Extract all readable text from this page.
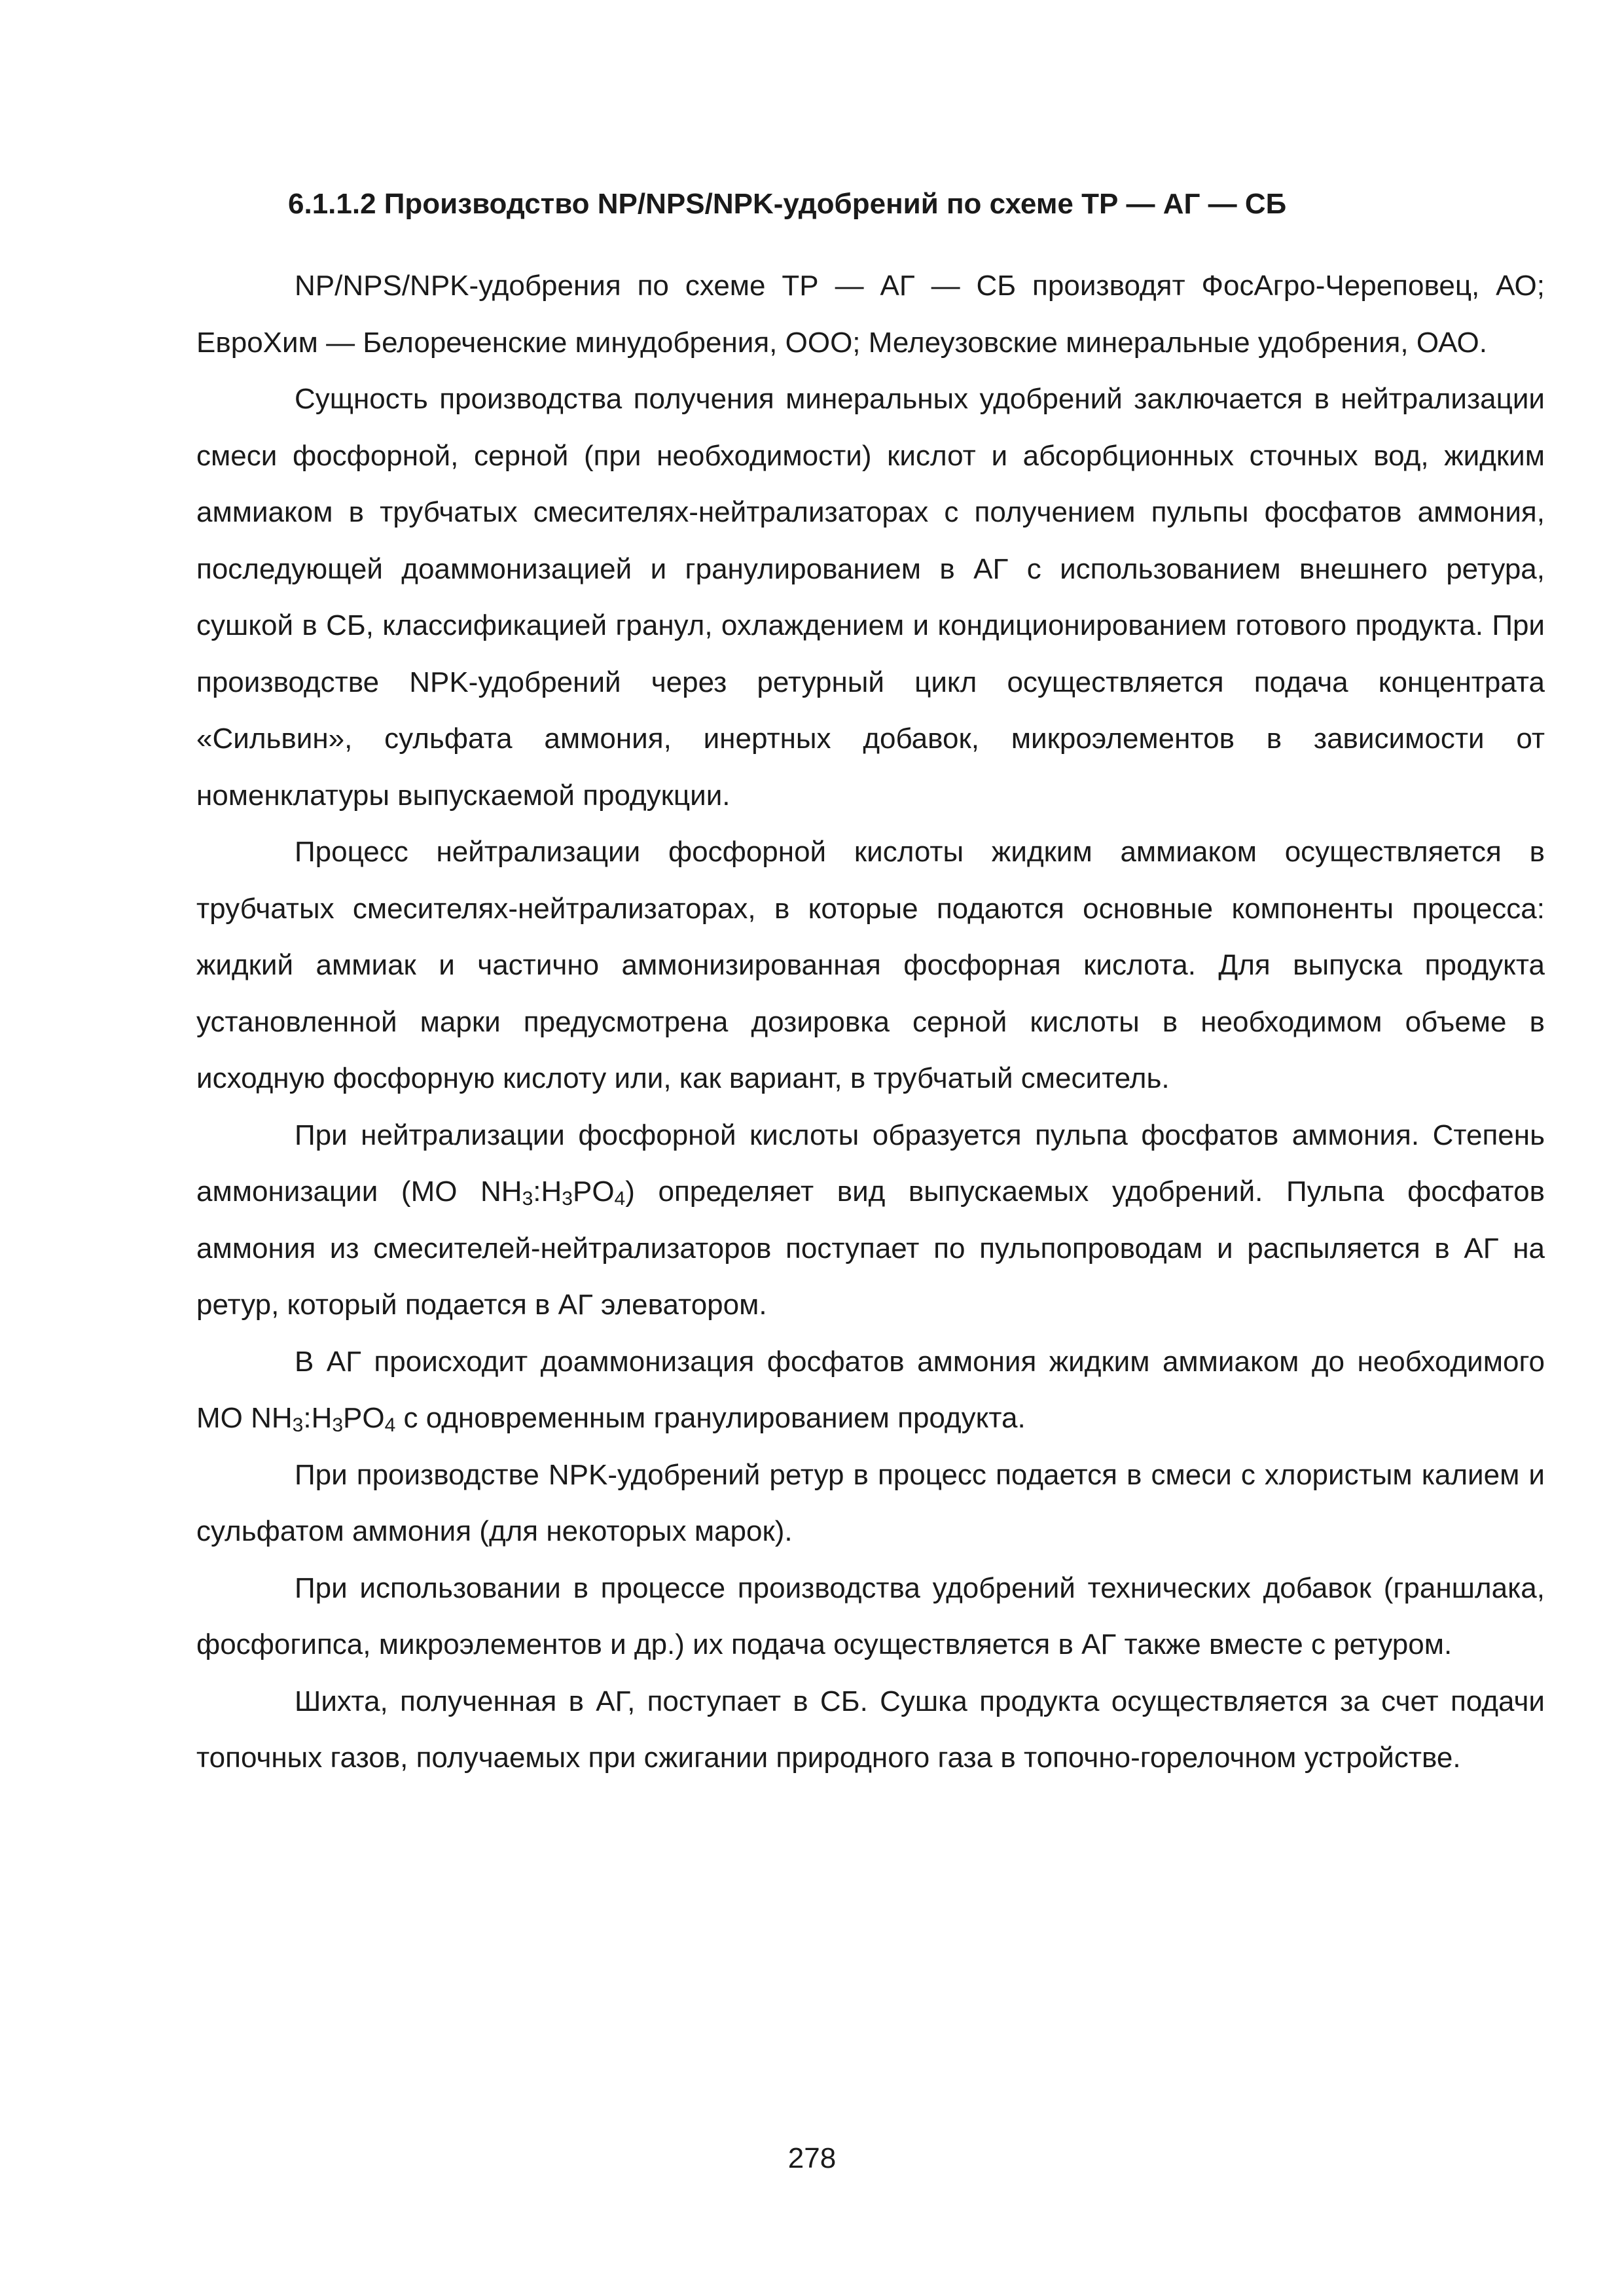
6.1.1.2 Производство NP/NPS/NPK-удобрений по схеме ТР — АГ — СБ

NP/NPS/NPK-удобрения по схеме ТР — АГ — СБ производят ФосАгро-Череповец, АО; ЕвроХим — Белореченские минудобрения, ООО; Мелеузовские минеральные удобрения, ОАО.

Сущность производства получения минеральных удобрений заключается в нейтрализации смеси фосфорной, серной (при необходимости) кислот и абсорбционных сточных вод, жидким аммиаком в трубчатых смесителях-нейтрализаторах с получением пульпы фосфатов аммония, последующей доаммонизацией и гранулированием в АГ с использованием внешнего ретура, сушкой в СБ, классификацией гранул, охлаждением и кондиционированием готового продукта. При производстве NPK-удобрений через ретурный цикл осуществляется подача концентрата «Сильвин», сульфата аммония, инертных добавок, микроэлементов в зависимости от номенклатуры выпускаемой продукции.

Процесс нейтрализации фосфорной кислоты жидким аммиаком осуществляется в трубчатых смесителях-нейтрализаторах, в которые подаются основные компоненты процесса: жидкий аммиак и частично аммонизированная фосфорная кислота. Для выпуска продукта установленной марки предусмотрена дозировка серной кислоты в необходимом объеме в исходную фосфорную кислоту или, как вариант, в трубчатый смеситель.

При нейтрализации фосфорной кислоты образуется пульпа фосфатов аммония. Степень аммонизации (МО $NH_3:H_3PO_4$) определяет вид выпускаемых удобрений. Пульпа фосфатов аммония из смесителей-нейтрализаторов поступает по пульпопроводам и распыляется в АГ на ретур, который подается в АГ элеватором.

В АГ происходит доаммонизация фосфатов аммония жидким аммиаком до необходимого МО $NH_3:H_3PO_4$ с одновременным гранулированием продукта.

При производстве NPK-удобрений ретур в процесс подается в смеси с хлористым калием и сульфатом аммония (для некоторых марок).

При использовании в процессе производства удобрений технических добавок (граншлака, фосфогипса, микроэлементов и др.) их подача осуществляется в АГ также вместе с ретуром.

Шихта, полученная в АГ, поступает в СБ. Сушка продукта осуществляется за счет подачи топочных газов, получаемых при сжигании природного газа в топочно-горелочном устройстве.

278
